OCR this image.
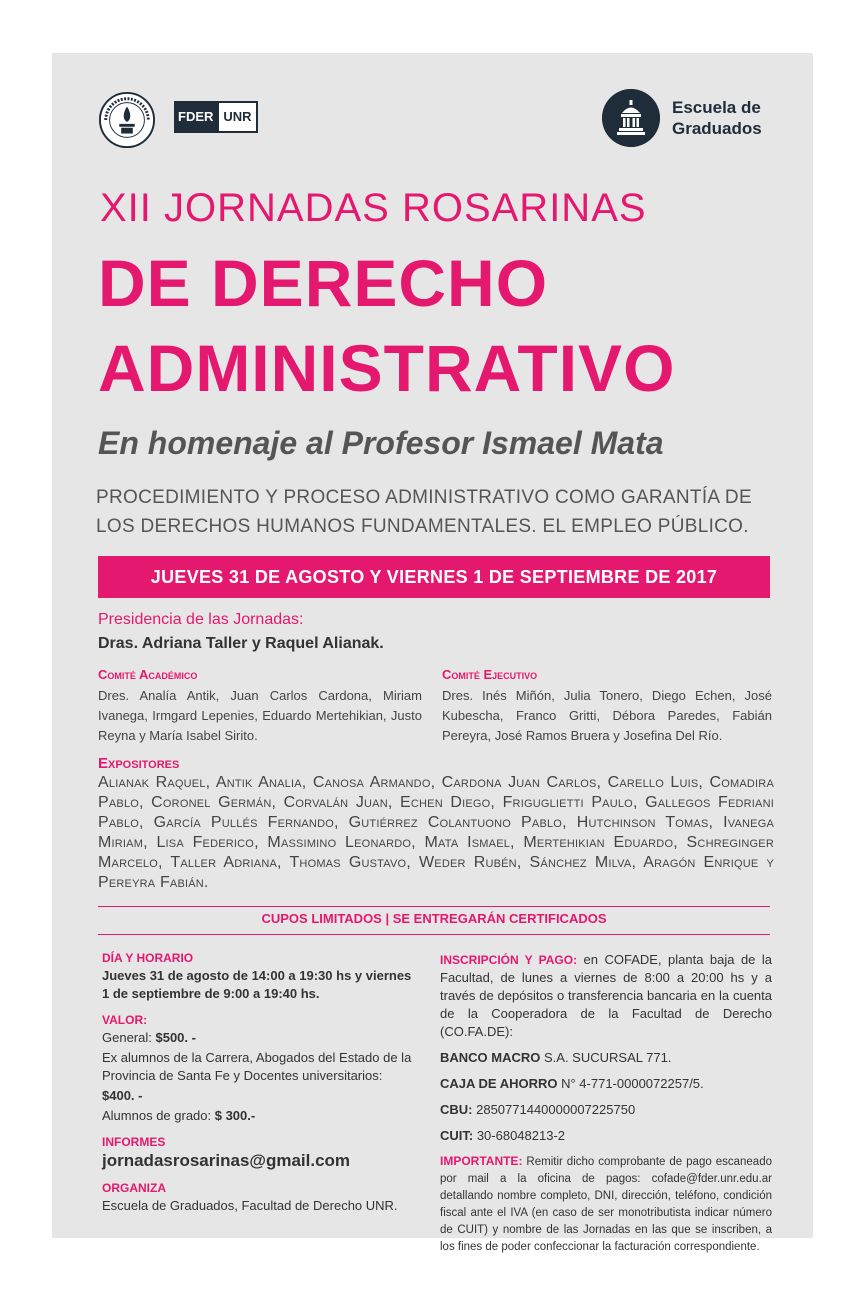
FDER UNR	Escuela de Graduados
XII JORNADAS ROSARINAS
DE DERECHO
ADMINISTRATIVO
En homenaje al Profesor Ismael Mata
PROCEDIMIENTO Y PROCESO ADMINISTRATIVO COMO GARANTÍA DE LOS DERECHOS HUMANOS FUNDAMENTALES. EL EMPLEO PÚBLICO.
JUEVES 31 DE AGOSTO Y VIERNES 1 DE SEPTIEMBRE DE 2017
Presidencia de las Jornadas:
Dras. Adriana Taller y Raquel Alianak.
Comité Académico
Dres. Analía Antik, Juan Carlos Cardona, Miriam Ivanega, Irmgard Lepenies, Eduardo Mertehikian, Justo Reyna y María Isabel Sirito.
Comité Ejecutivo
Dres. Inés Miñón, Julia Tonero, Diego Echen, José Kubescha, Franco Gritti, Débora Paredes, Fabián Pereyra, José Ramos Bruera y Josefina Del Río.
Expositores
Alianak Raquel, Antik Analia, Canosa Armando, Cardona Juan Carlos, Carello Luis, Comadira Pablo, Coronel Germán, Corvalán Juan, Echen Diego, Friguglietti Paulo, Gallegos Fedriani Pablo, García Pullés Fernando, Gutiérrez Colantuono Pablo, Hutchinson Tomas, Ivanega Miriam, Lisa Federico, Massimino Leonardo, Mata Ismael, Mertehikian Eduardo, Schreginger Marcelo, Taller Adriana, Thomas Gustavo, Weder Rubén, Sánchez Milva, Aragón Enrique y Pereyra Fabián.
CUPOS LIMITADOS | SE ENTREGARÁN CERTIFICADOS
DÍA Y HORARIO
Jueves 31 de agosto de 14:00 a 19:30 hs y viernes 1 de septiembre de 9:00 a 19:40 hs.
VALOR:
General: $500. -
Ex alumnos de la Carrera, Abogados del Estado de la Provincia de Santa Fe y Docentes universitarios:
$400. -
Alumnos de grado: $ 300.-
INFORMES
jornadasrosarinas@gmail.com
ORGANIZA
Escuela de Graduados, Facultad de Derecho UNR.
INSCRIPCIÓN Y PAGO: en COFADE, planta baja de la Facultad, de lunes a viernes de 8:00 a 20:00 hs y a través de depósitos o transferencia bancaria en la cuenta de la Cooperadora de la Facultad de Derecho (CO.FA.DE):
BANCO MACRO S.A. SUCURSAL 771.
CAJA DE AHORRO N° 4-771-0000072257/5.
CBU: 2850771440000007225750
CUIT: 30-68048213-2
IMPORTANTE: Remitir dicho comprobante de pago escaneado por mail a la oficina de pagos: cofade@fder.unr.edu.ar detallando nombre completo, DNI, dirección, teléfono, condición fiscal ante el IVA (en caso de ser monotributista indicar número de CUIT) y nombre de las Jornadas en las que se inscriben, a los fines de poder confeccionar la facturación correspondiente.
